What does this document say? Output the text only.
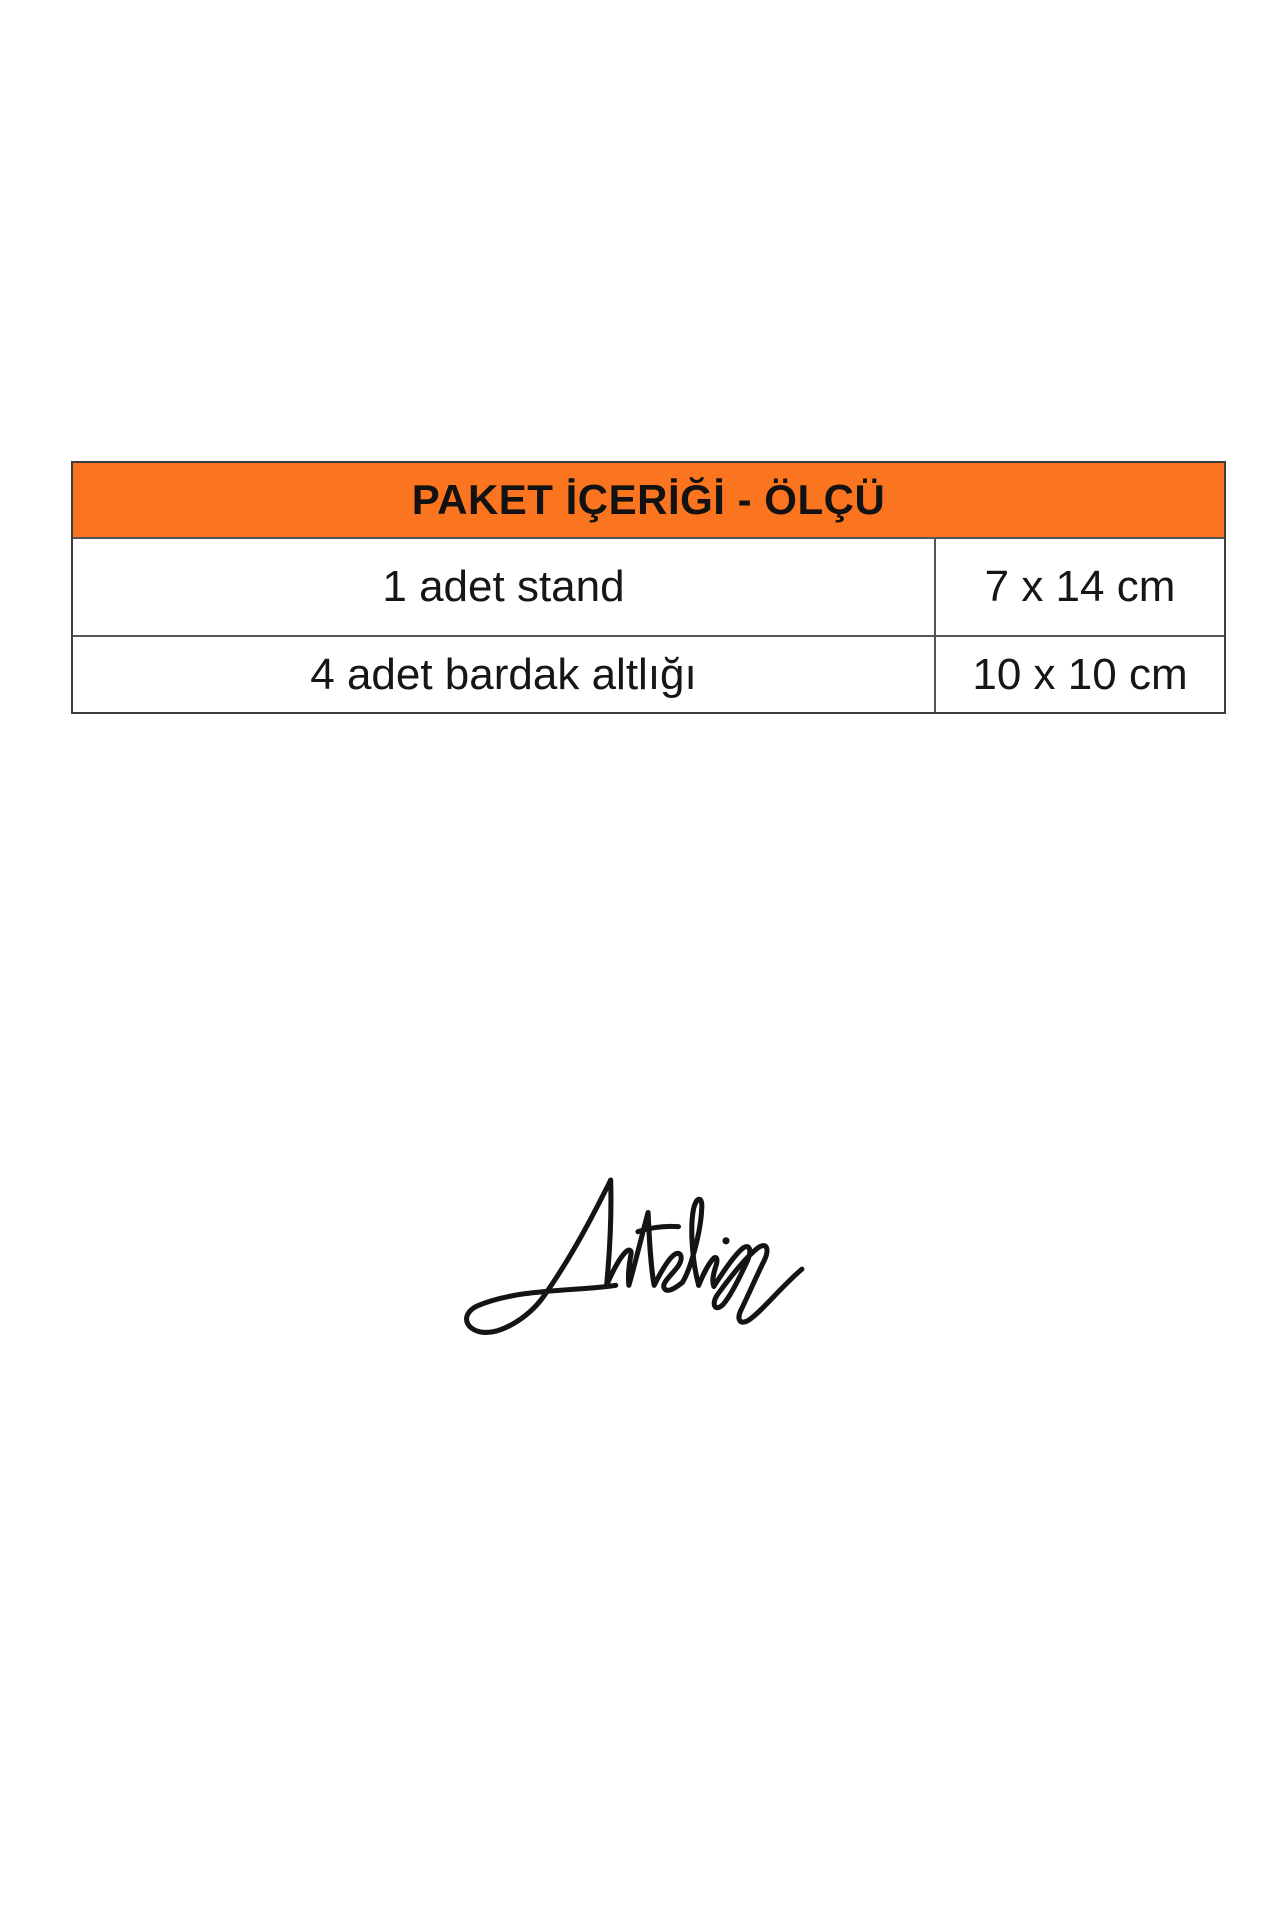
PAKET İÇERİĞİ - ÖLÇÜ
1 adet stand	7 x 14 cm
4 adet bardak altlığı	10 x 10 cm
